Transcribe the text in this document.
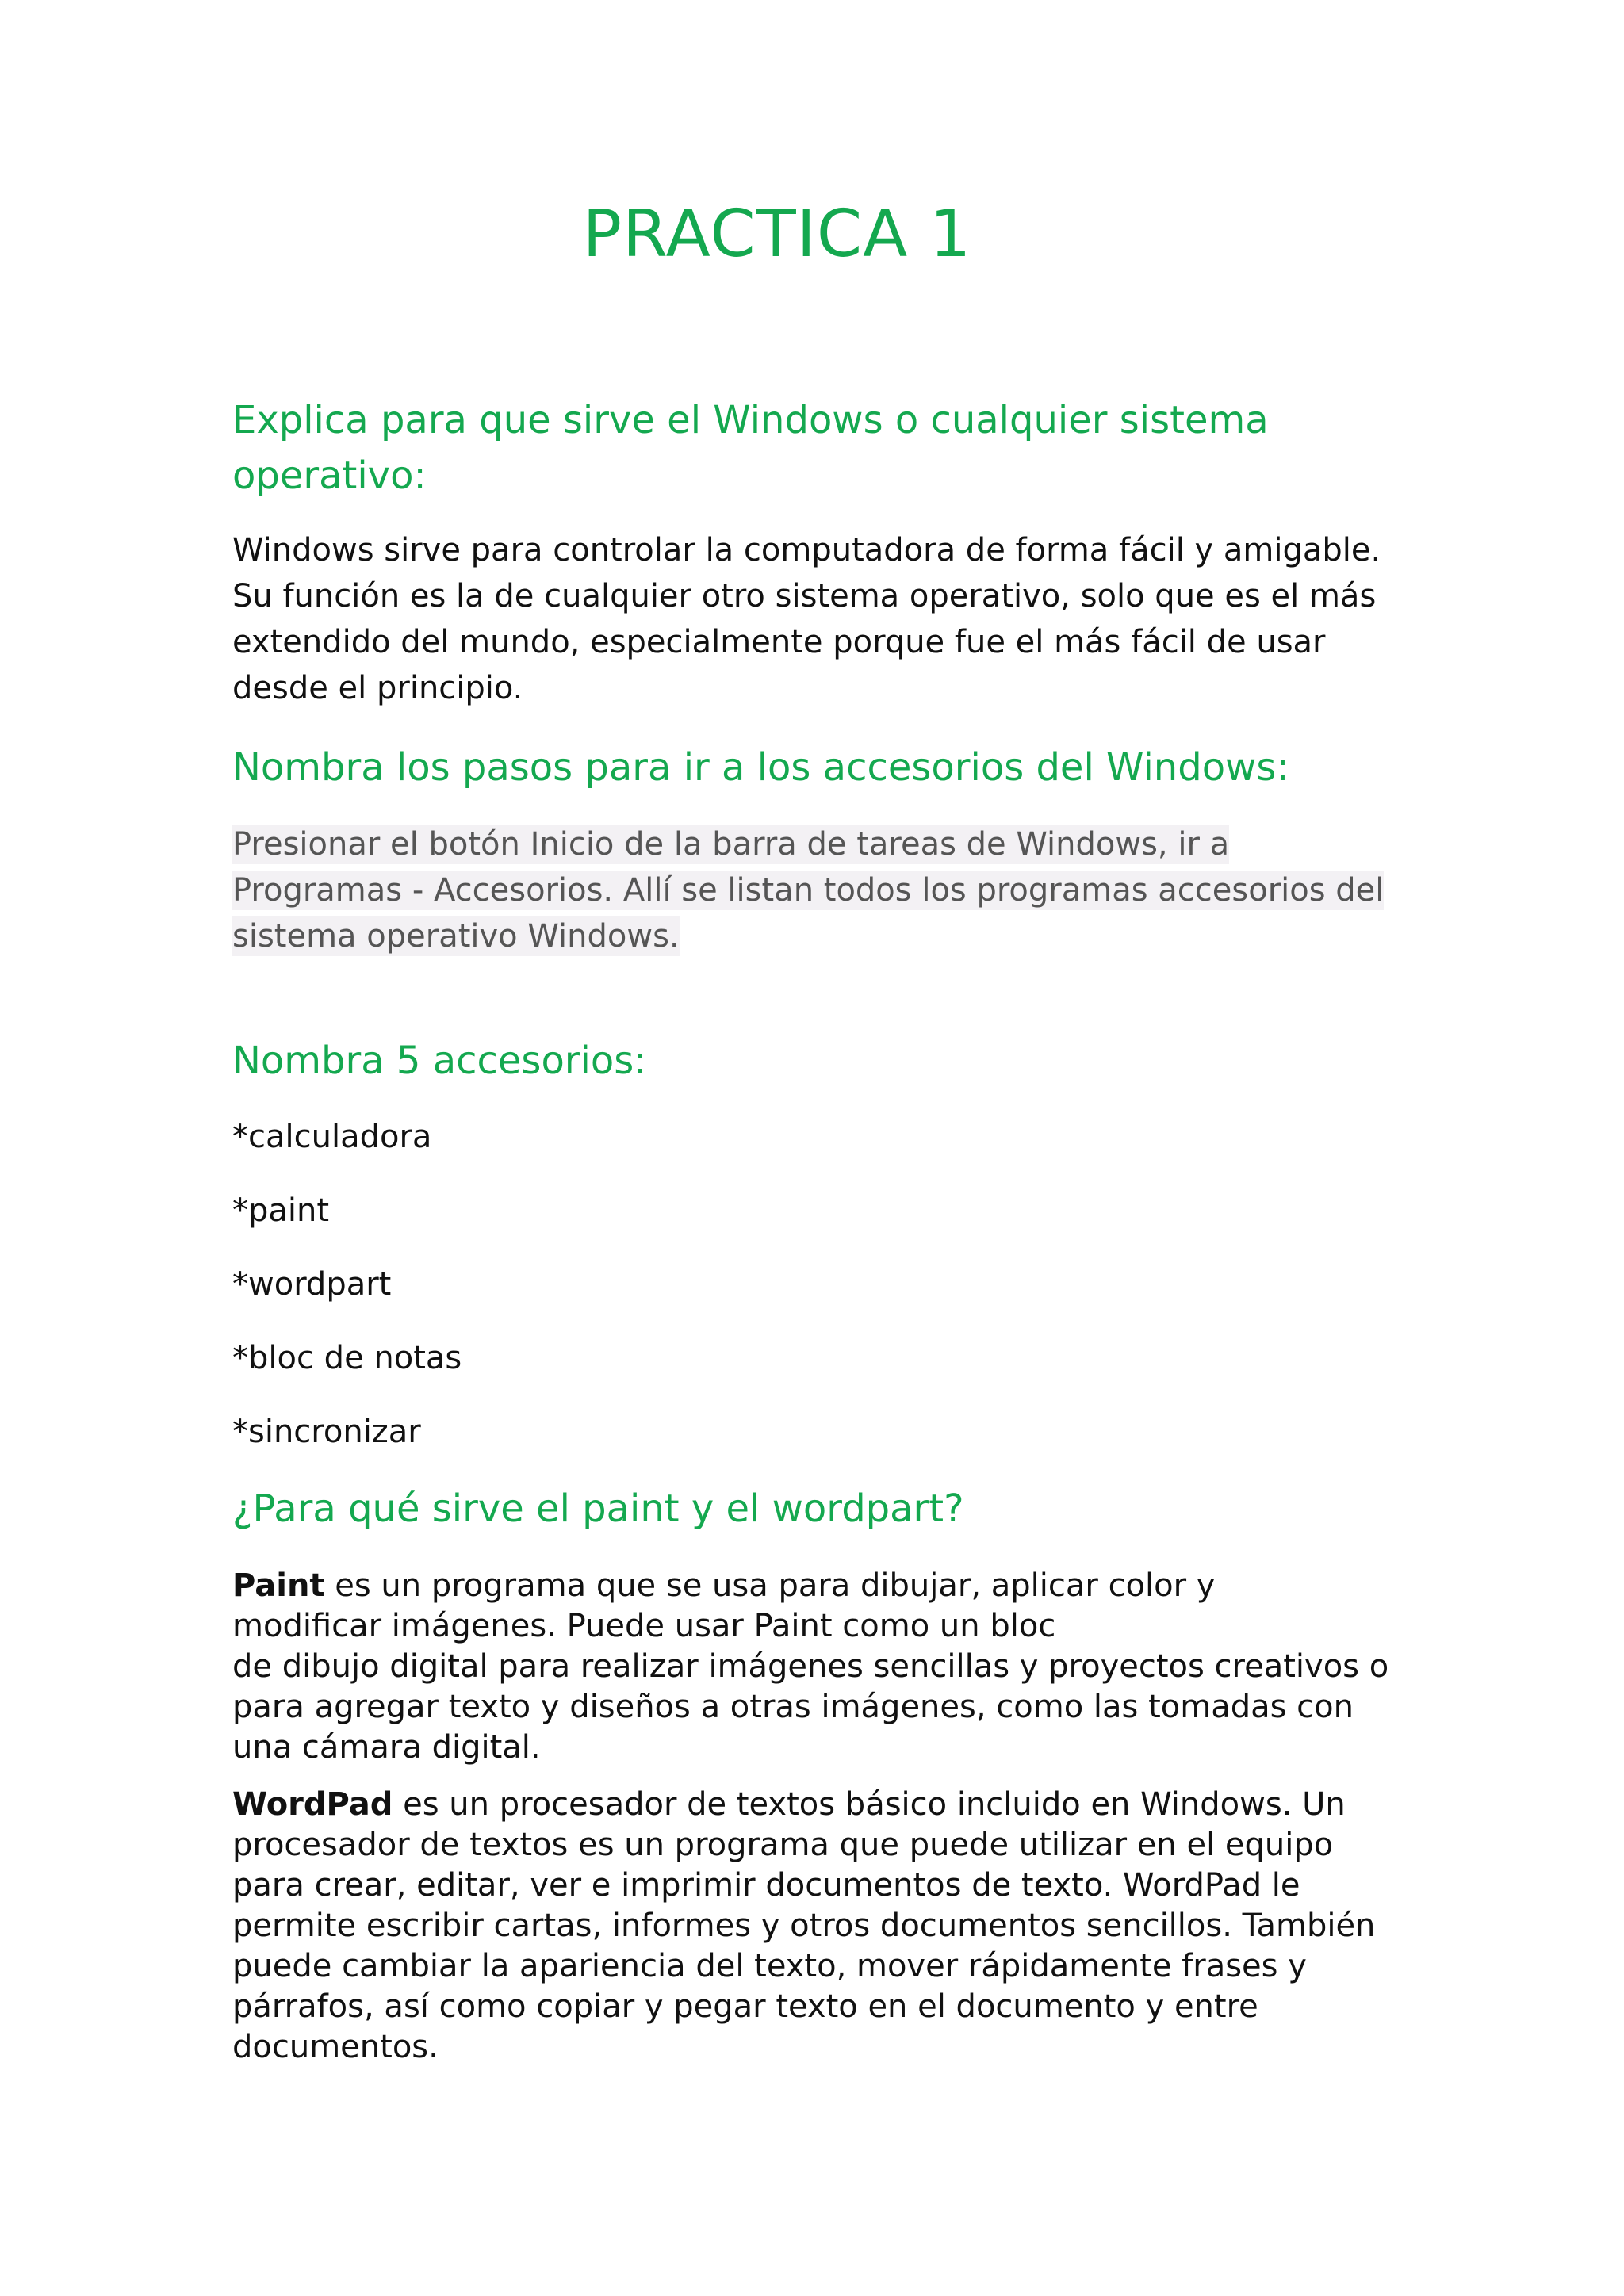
PRACTICA 1
Explica para que sirve el Windows o cualquier sistema
operativo:

Windows sirve para controlar la computadora de forma fácil y amigable. Su función es la de cualquier otro sistema operativo, solo que es el más extendido del mundo, especialmente porque fue el más fácil de usar desde el principio.

Nombra los pasos para ir a los accesorios del Windows:

Presionar el botón Inicio de la barra de tareas de Windows, ir a Programas - Accesorios. Allí se listan todos los programas accesorios del sistema operativo Windows.

Nombra 5 accesorios:

*calculadora

*paint

*wordpart

*bloc de notas

*sincronizar

¿Para qué sirve el paint y el wordpart?

Paint es un programa que se usa para dibujar, aplicar color y
modificar imágenes. Puede usar Paint como un bloc
de dibujo digital para realizar imágenes sencillas y proyectos creativos o
para agregar texto y diseños a otras imágenes, como las tomadas con
una cámara digital.

WordPad es un procesador de textos básico incluido en Windows. Un
procesador de textos es un programa que puede utilizar en el equipo
para crear, editar, ver e imprimir documentos de texto. WordPad le
permite escribir cartas, informes y otros documentos sencillos. También
puede cambiar la apariencia del texto, mover rápidamente frases y
párrafos, así como copiar y pegar texto en el documento y entre
documentos.
